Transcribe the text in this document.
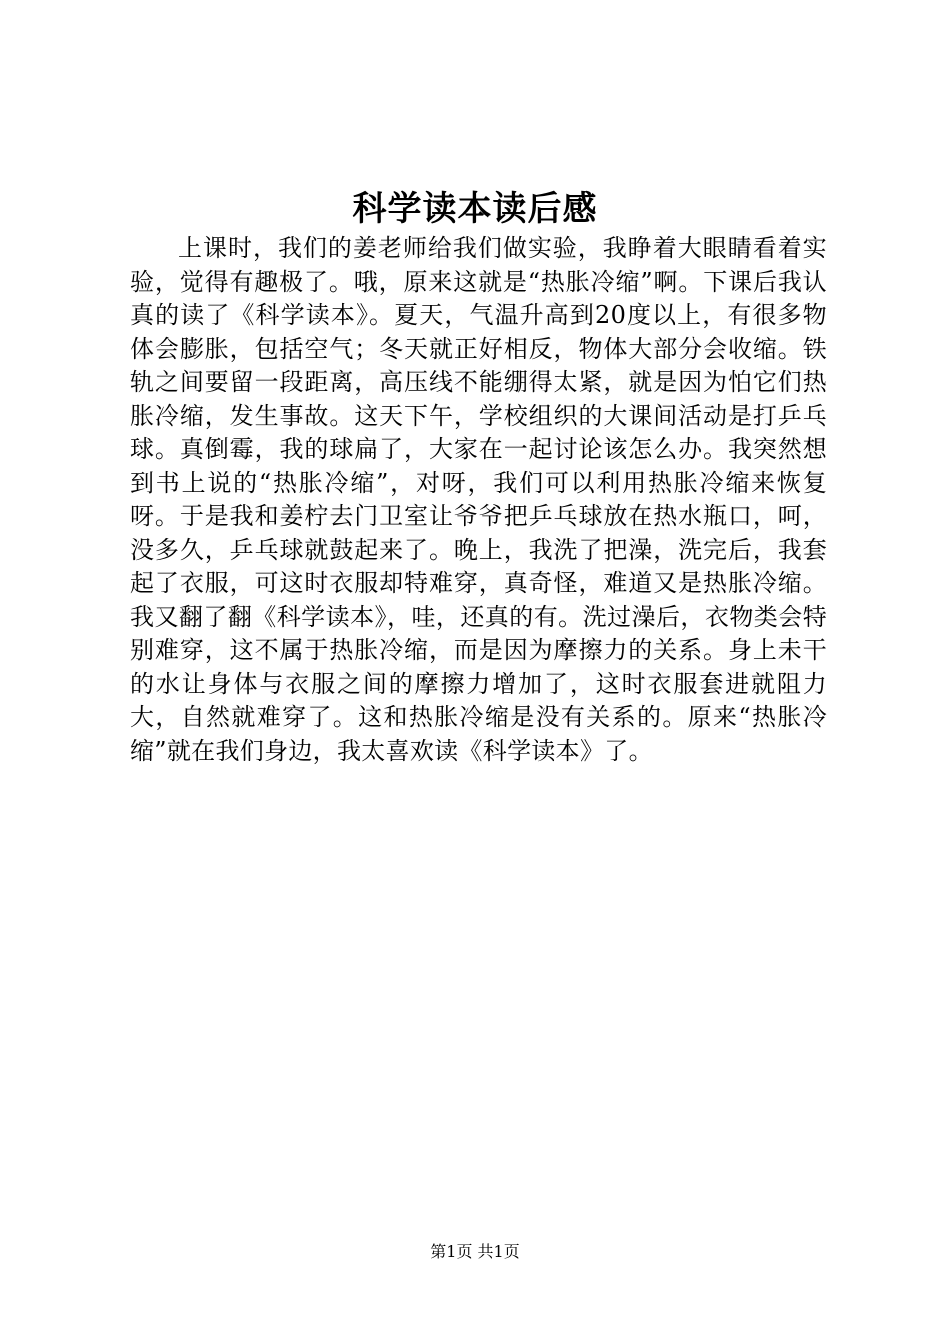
科学读本读后感

上课时，我们的姜老师给我们做实验，我睁着大眼睛看着实验，觉得有趣极了。哦，原来这就是“热胀冷缩”啊。下课后我认真的读了《科学读本》。夏天，气温升高到20度以上，有很多物体会膨胀，包括空气；冬天就正好相反，物体大部分会收缩。铁轨之间要留一段距离，高压线不能绷得太紧，就是因为怕它们热胀冷缩，发生事故。这天下午，学校组织的大课间活动是打乒乓球。真倒霉，我的球扁了，大家在一起讨论该怎么办。我突然想到书上说的“热胀冷缩”，对呀，我们可以利用热胀冷缩来恢复呀。于是我和姜柠去门卫室让爷爷把乒乓球放在热水瓶口，呵，没多久，乒乓球就鼓起来了。晚上，我洗了把澡，洗完后，我套起了衣服，可这时衣服却特难穿，真奇怪，难道又是热胀冷缩。我又翻了翻《科学读本》，哇，还真的有。洗过澡后，衣物类会特别难穿，这不属于热胀冷缩，而是因为摩擦力的关系。身上未干的水让身体与衣服之间的摩擦力增加了，这时衣服套进就阻力大，自然就难穿了。这和热胀冷缩是没有关系的。原来“热胀冷缩”就在我们身边，我太喜欢读《科学读本》了。

第1页 共1页
